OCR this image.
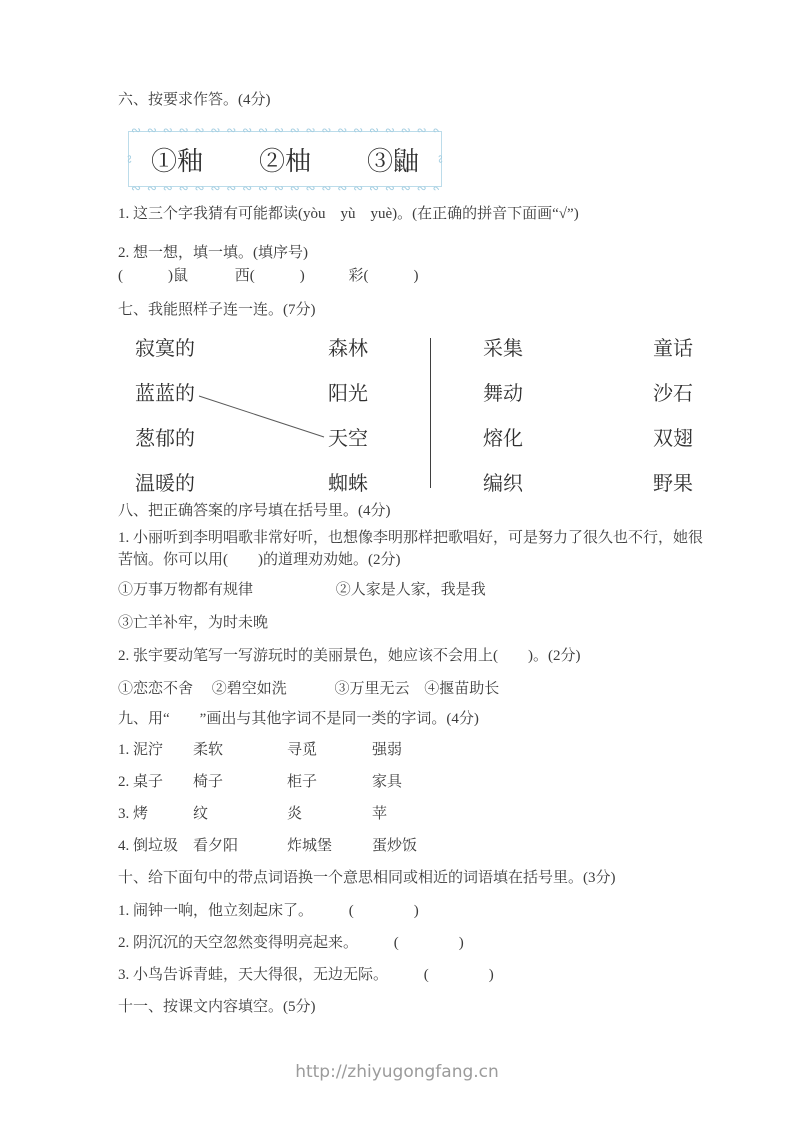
六、按要求作答。(4分)
∾ ∾ ∾ ∾ ∾ ∾ ∾ ∾ ∾ ∾ ∾ ∾ ∾ ∾ ∾ ∾ ∾ ∾ ∾ ∾ ∾ ①釉 ②柚 ③鼬
∾
∾ ∾ ∾ ∾ ∾ ∾ ∾ ∾ ∾ ∾ ∾ ∾ ∾ ∾ ∾ ∾ ∾ ∾ ∾ ∾
1. 这三个字我猜有可能都读(yòu　yù　yuè)。(在正确的拼音下面画“√”)
2. 想一想，填一填。(填序号)
(　　　)鼠	西(　　　)	彩(　　　)
七、我能照样子连一连。(7分)
寂寞的	森林	采集	童话
蓝蓝的	阳光	舞动	沙石
葱郁的	天空	熔化	双翅
温暖的	蜘蛛	编织	野果
八、把正确答案的序号填在括号里。(4分)
1. 小丽听到李明唱歌非常好听，也想像李明那样把歌唱好，可是努力了很久也不行，她很
苦恼。你可以用(　　)的道理劝劝她。(2分)
①万事万物都有规律	②人家是人家，我是我
③亡羊补牢，为时未晚
2. 张宇要动笔写一写游玩时的美丽景色，她应该不会用上(　　)。(2分)
①恋恋不舍 ②碧空如洗	③万里无云 ④揠苗助长
九、用“　　”画出与其他字词不是同一类的字词。(4分)
1. 泥泞	柔软	寻觅	强弱
2. 桌子	椅子	柜子	家具
3. 烤	纹	炎	苹
4. 倒垃圾 看夕阳	炸城堡	蛋炒饭
十、给下面句中的带点词语换一个意思相同或相近的词语填在括号里。(3分)
1. 闹钟一响，他立刻起床了。 (　　　　)
2. 阴沉沉的天空忽然变得明亮起来。 (　　　　)
3. 小鸟告诉青蛙，天大得很，无边无际。 (　　　　)
十一、按课文内容填空。(5分)
http://zhiyugongfang.cn
